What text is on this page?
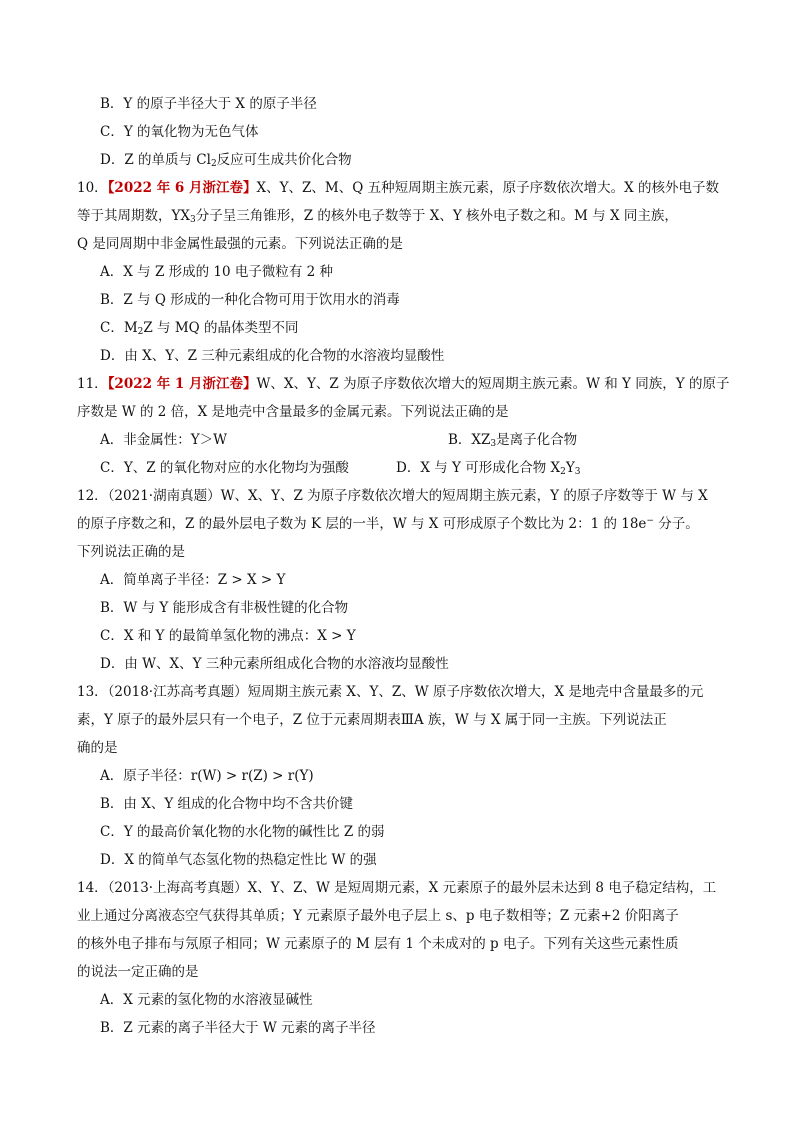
B．Y 的原子半径大于 X 的原子半径
C．Y 的氧化物为无色气体
D．Z 的单质与 $Cl_2$反应可生成共价化合物
10．【2022 年 6 月浙江卷】X、Y、Z、M、Q 五种短周期主族元素，原子序数依次增大。X 的核外电子数
等于其周期数，$YX_3$分子呈三角锥形，Z 的核外电子数等于 X、Y 核外电子数之和。M 与 X 同主族，
Q 是同周期中非金属性最强的元素。下列说法正确的是
A．X 与 Z 形成的 10 电子微粒有 2 种
B．Z 与 Q 形成的一种化合物可用于饮用水的消毒
C．$M_2Z$ 与 MQ 的晶体类型不同
D．由 X、Y、Z 三种元素组成的化合物的水溶液均显酸性
11．【2022 年 1 月浙江卷】W、X、Y、Z 为原子序数依次增大的短周期主族元素。W 和 Y 同族，Y 的原子
序数是 W 的 2 倍，X 是地壳中含量最多的金属元素。下列说法正确的是
A．非金属性：Y＞W	B．$XZ_3$是离子化合物
C．Y、Z 的氧化物对应的水化物均为强酸	D．X 与 Y 可形成化合物 $X_2Y_3$
12．（2021·湖南真题）W、X、Y、Z 为原子序数依次增大的短周期主族元素，Y 的原子序数等于 W 与 X
的原子序数之和，Z 的最外层电子数为 K 层的一半，W 与 X 可形成原子个数比为 2：1 的 18e− 分子。
下列说法正确的是
A．简单离子半径：Z > X > Y
B．W 与 Y 能形成含有非极性键的化合物
C．X 和 Y 的最简单氢化物的沸点：X > Y
D．由 W、X、Y 三种元素所组成化合物的水溶液均显酸性
13．（2018·江苏高考真题）短周期主族元素 X、Y、Z、W 原子序数依次增大，X 是地壳中含量最多的元
素，Y 原子的最外层只有一个电子，Z 位于元素周期表ⅢA 族，W 与 X 属于同一主族。下列说法正
确的是
A．原子半径：r(W) > r(Z) > r(Y)
B．由 X、Y 组成的化合物中均不含共价键
C．Y 的最高价氧化物的水化物的碱性比 Z 的弱
D．X 的简单气态氢化物的热稳定性比 W 的强
14．（2013·上海高考真题）X、Y、Z、W 是短周期元素，X 元素原子的最外层未达到 8 电子稳定结构，工
业上通过分离液态空气获得其单质；Y 元素原子最外电子层上 s、p 电子数相等；Z 元素+2 价阳离子
的核外电子排布与氖原子相同；W 元素原子的 M 层有 1 个未成对的 p 电子。下列有关这些元素性质
的说法一定正确的是
A．X 元素的氢化物的水溶液显碱性
B．Z 元素的离子半径大于 W 元素的离子半径
